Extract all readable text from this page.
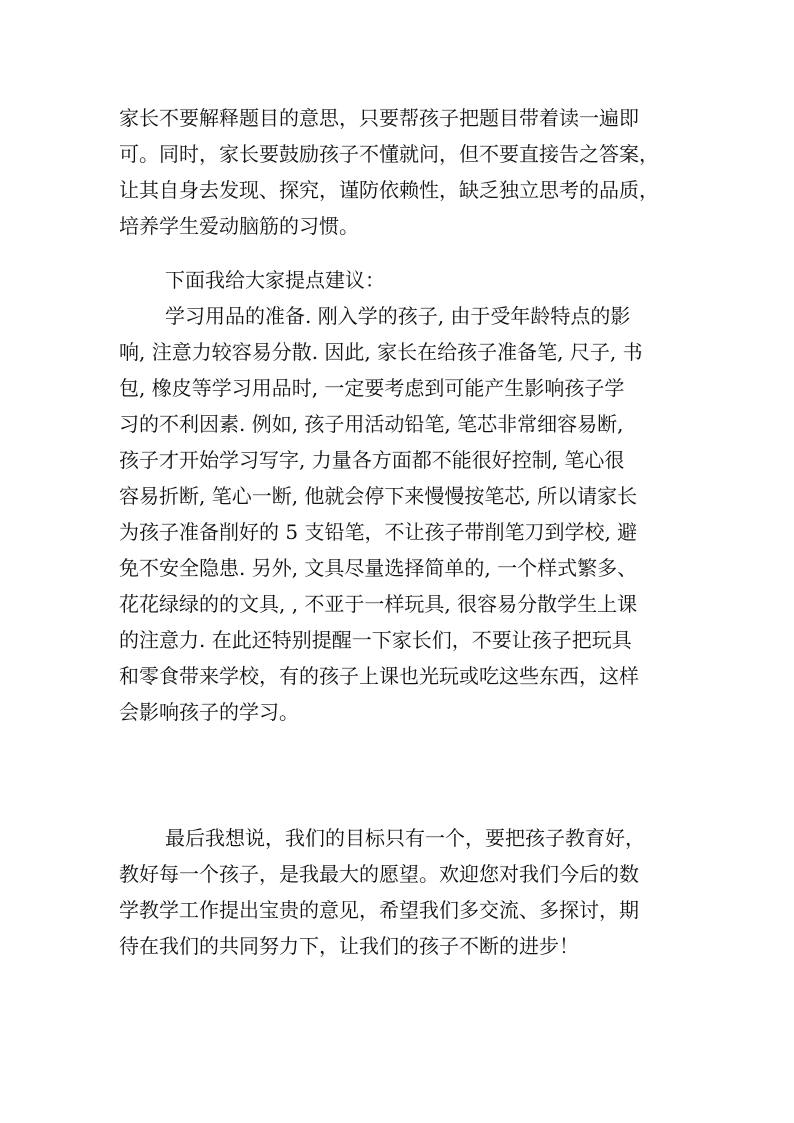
家长不要解释题目的意思，只要帮孩子把题目带着读一遍即
可。同时，家长要鼓励孩子不懂就问，但不要直接告之答案，
让其自身去发现、探究，谨防依赖性，缺乏独立思考的品质，
培养学生爱动脑筋的习惯。
下面我给大家提点建议：
学习用品的准备. 刚入学的孩子, 由于受年龄特点的影
响, 注意力较容易分散. 因此, 家长在给孩子准备笔, 尺子, 书
包, 橡皮等学习用品时, 一定要考虑到可能产生影响孩子学
习的不利因素. 例如, 孩子用活动铅笔, 笔芯非常细容易断,
孩子才开始学习写字, 力量各方面都不能很好控制, 笔心很
容易折断, 笔心一断, 他就会停下来慢慢按笔芯, 所以请家长
为孩子准备削好的 5 支铅笔，不让孩子带削笔刀到学校, 避
免不安全隐患. 另外, 文具尽量选择简单的, 一个样式繁多、
花花绿绿的的文具, , 不亚于一样玩具, 很容易分散学生上课
的注意力. 在此还特别提醒一下家长们，不要让孩子把玩具
和零食带来学校，有的孩子上课也光玩或吃这些东西，这样
会影响孩子的学习。
最后我想说，我们的目标只有一个，要把孩子教育好，
教好每一个孩子，是我最大的愿望。欢迎您对我们今后的数
学教学工作提出宝贵的意见，希望我们多交流、多探讨，期
待在我们的共同努力下，让我们的孩子不断的进步！
